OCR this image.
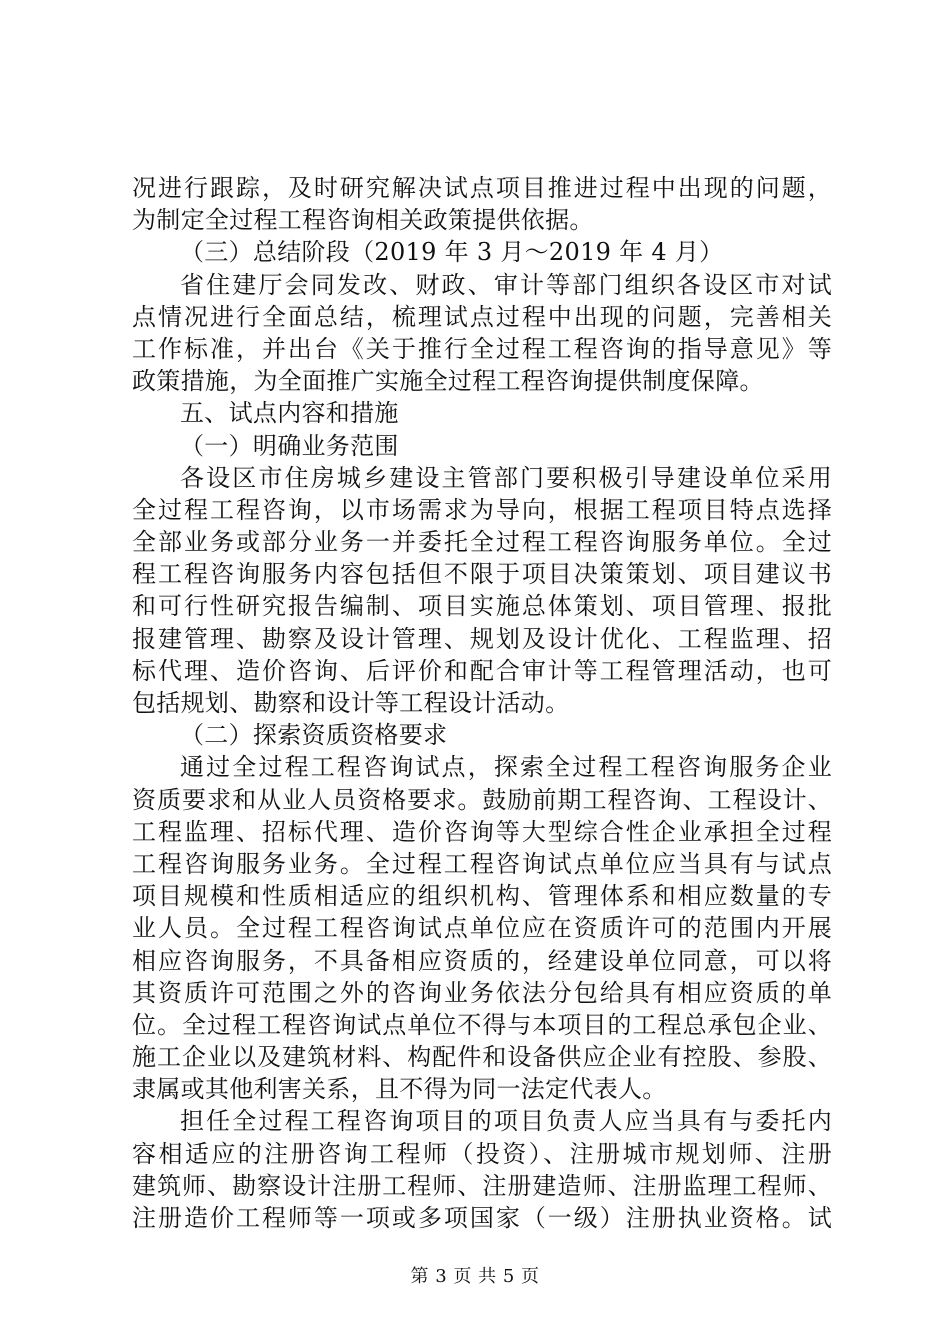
况进行跟踪，及时研究解决试点项目推进过程中出现的问题，
为制定全过程工程咨询相关政策提供依据。
（三）总结阶段（2019 年 3 月～2019 年 4 月）
省住建厅会同发改、财政、审计等部门组织各设区市对试
点情况进行全面总结，梳理试点过程中出现的问题，完善相关
工作标准，并出台《关于推行全过程工程咨询的指导意见》等
政策措施，为全面推广实施全过程工程咨询提供制度保障。
五、试点内容和措施
（一）明确业务范围
各设区市住房城乡建设主管部门要积极引导建设单位采用
全过程工程咨询，以市场需求为导向，根据工程项目特点选择
全部业务或部分业务一并委托全过程工程咨询服务单位。全过
程工程咨询服务内容包括但不限于项目决策策划、项目建议书
和可行性研究报告编制、项目实施总体策划、项目管理、报批
报建管理、勘察及设计管理、规划及设计优化、工程监理、招
标代理、造价咨询、后评价和配合审计等工程管理活动，也可
包括规划、勘察和设计等工程设计活动。
（二）探索资质资格要求
通过全过程工程咨询试点，探索全过程工程咨询服务企业
资质要求和从业人员资格要求。鼓励前期工程咨询、工程设计、
工程监理、招标代理、造价咨询等大型综合性企业承担全过程
工程咨询服务业务。全过程工程咨询试点单位应当具有与试点
项目规模和性质相适应的组织机构、管理体系和相应数量的专
业人员。全过程工程咨询试点单位应在资质许可的范围内开展
相应咨询服务，不具备相应资质的，经建设单位同意，可以将
其资质许可范围之外的咨询业务依法分包给具有相应资质的单
位。全过程工程咨询试点单位不得与本项目的工程总承包企业、
施工企业以及建筑材料、构配件和设备供应企业有控股、参股、
隶属或其他利害关系，且不得为同一法定代表人。
担任全过程工程咨询项目的项目负责人应当具有与委托内
容相适应的注册咨询工程师（投资）、注册城市规划师、注册
建筑师、勘察设计注册工程师、注册建造师、注册监理工程师、
注册造价工程师等一项或多项国家（一级）注册执业资格。试
第 3 页 共 5 页
